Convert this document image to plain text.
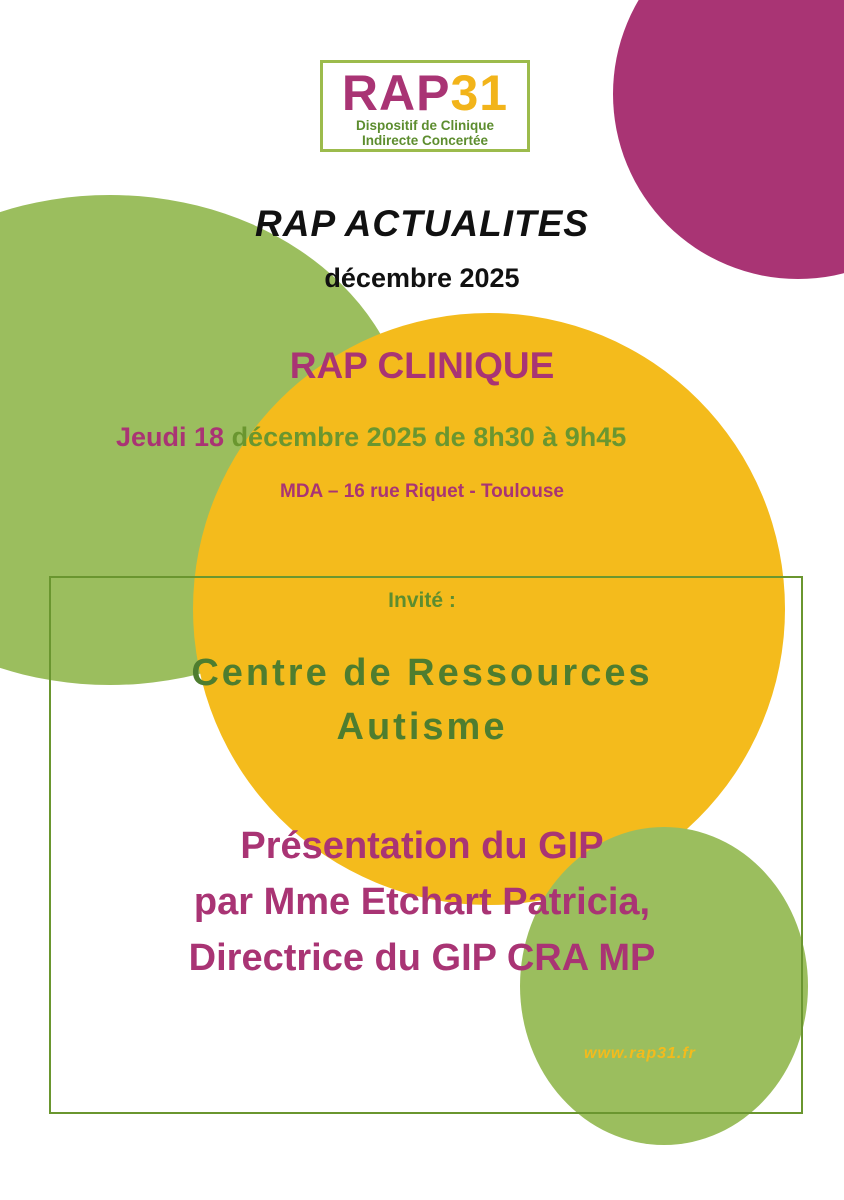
RAP31
Dispositif de Clinique
Indirecte Concertée
RAP ACTUALITES
décembre 2025
RAP CLINIQUE
Jeudi 18 décembre 2025 de 8h30 à 9h45
MDA – 16 rue Riquet - Toulouse
Invité :
Centre de Ressources
Autisme
Présentation du GIP
par Mme Etchart Patricia,
Directrice du GIP CRA MP
www.rap31.fr
